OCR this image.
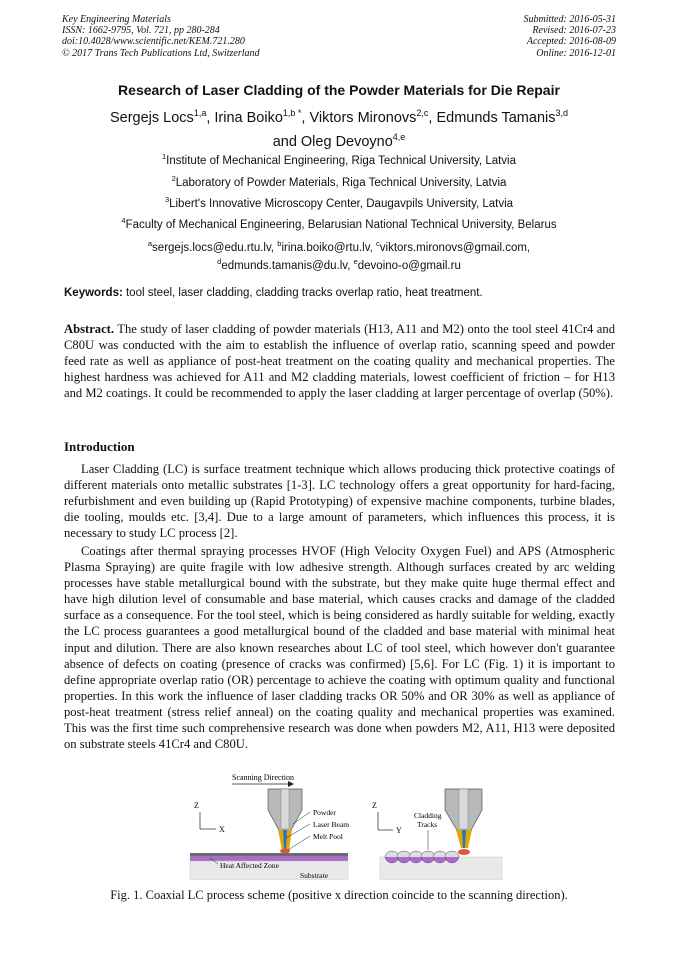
Key Engineering Materials
ISSN: 1662-9795, Vol. 721, pp 280-284
doi:10.4028/www.scientific.net/KEM.721.280
© 2017 Trans Tech Publications Ltd, Switzerland
Submitted: 2016-05-31
Revised: 2016-07-23
Accepted: 2016-08-09
Online: 2016-12-01
Research of Laser Cladding of the Powder Materials for Die Repair
Sergejs Locs$^{1,a}$, Irina Boiko$^{1,b *}$, Viktors Mironovs$^{2,c}$, Edmunds Tamanis$^{3,d}$
and Oleg Devoyno$^{4,e}$
$^1$Institute of Mechanical Engineering, Riga Technical University, Latvia
$^2$Laboratory of Powder Materials, Riga Technical University, Latvia
$^3$Libert's Innovative Microscopy Center, Daugavpils University, Latvia
$^4$Faculty of Mechanical Engineering, Belarusian National Technical University, Belarus
$^a$sergejs.locs@edu.rtu.lv, $^b$irina.boiko@rtu.lv, $^c$viktors.mironovs@gmail.com,
$^d$edmunds.tamanis@du.lv, $^e$devoino-o@gmail.ru
Keywords: tool steel, laser cladding, cladding tracks overlap ratio, heat treatment.
Abstract. The study of laser cladding of powder materials (H13, A11 and M2) onto the tool steel 41Cr4 and C80U was conducted with the aim to establish the influence of overlap ratio, scanning speed and powder feed rate as well as appliance of post-heat treatment on the coating quality and mechanical properties. The highest hardness was achieved for A11 and M2 cladding materials, lowest coefficient of friction – for H13 and M2 coatings. It could be recommended to apply the laser cladding at larger percentage of overlap (50%).
Introduction
Laser Cladding (LC) is surface treatment technique which allows producing thick protective coatings of different materials onto metallic substrates [1-3]. LC technology offers a great opportunity for hard-facing, refurbishment and even building up (Rapid Prototyping) of expensive machine components, turbine blades, die tooling, moulds etc. [3,4]. Due to a large amount of parameters, which influences this process, it is necessary to study LC process [2].
Coatings after thermal spraying processes HVOF (High Velocity Oxygen Fuel) and APS (Atmospheric Plasma Spraying) are quite fragile with low adhesive strength. Although surfaces created by arc welding processes have stable metallurgical bound with the substrate, but they make quite huge thermal effect and have high dilution level of consumable and base material, which causes cracks and damage of the cladded surface as a consequence. For the tool steel, which is being considered as hardly suitable for welding, exactly the LC process guarantees a good metallurgical bound of the cladded and base material with minimal heat input and dilution. There are also known researches about LC of tool steel, which however don't guarantee absence of defects on coating (presence of cracks was confirmed) [5,6]. For LC (Fig. 1) it is important to define appropriate overlap ratio (OR) percentage to achieve the coating with optimum quality and functional properties. In this work the influence of laser cladding tracks OR 50% and OR 30% as well as appliance of post-heat treatment (stress relief anneal) on the coating quality and mechanical properties was examined. This was the first time such comprehensive research was done when powders M2, A11, H13 were deposited on substrate steels 41Cr4 and C80U.
Scanning Direction
Z
X
Powder
Laser Beam
Melt Pool
Heat Affected Zone
Substrate
Z
Y
Cladding
Tracks
Fig. 1. Coaxial LC process scheme (positive x direction coincide to the scanning direction).
